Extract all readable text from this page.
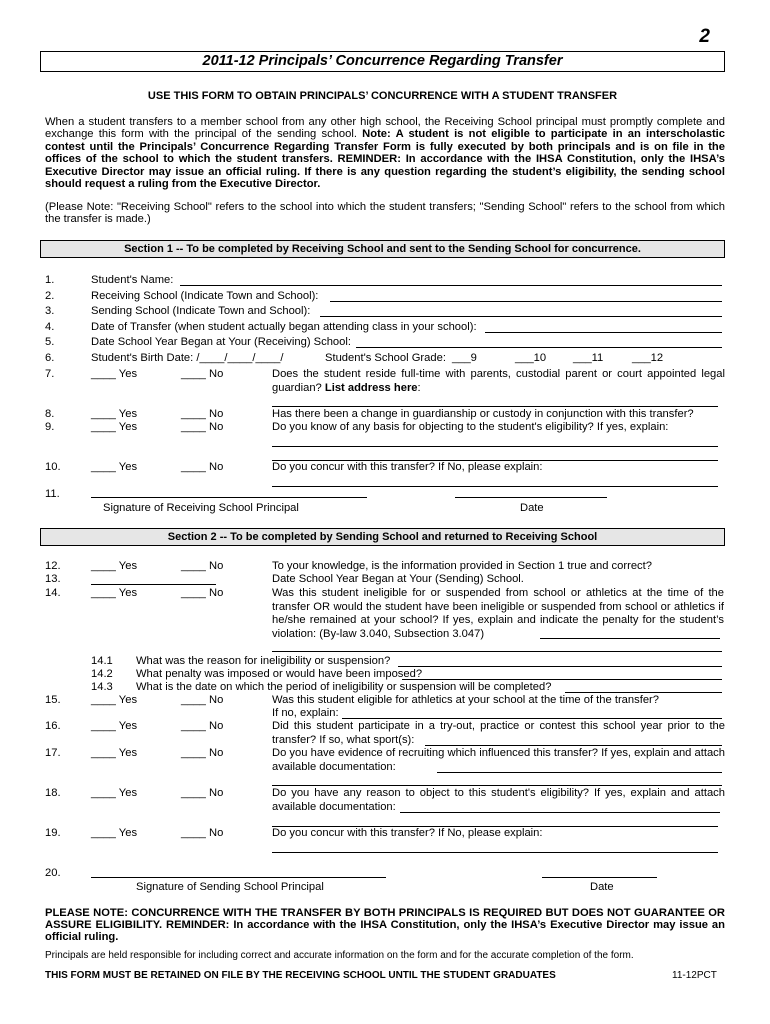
2
2011-12 Principals’ Concurrence Regarding Transfer
USE THIS FORM TO OBTAIN PRINCIPALS’ CONCURRENCE WITH A STUDENT TRANSFER
When a student transfers to a member school from any other high school, the Receiving School principal must promptly complete and exchange this form with the principal of the sending school. Note: A student is not eligible to participate in an interscholastic contest until the Principals’ Concurrence Regarding Transfer Form is fully executed by both principals and is on file in the offices of the school to which the student transfers. REMINDER: In accordance with the IHSA Constitution, only the IHSA’s Executive Director may issue an official ruling. If there is any question regarding the student’s eligibility, the sending school should request a ruling from the Executive Director.
(Please Note: "Receiving School" refers to the school into which the student transfers; "Sending School" refers to the school from which the transfer is made.)
Section 1 -- To be completed by Receiving School and sent to the Sending School for concurrence.
1.	Student's Name:
2.	Receiving School (Indicate Town and School):
3.	Sending School (Indicate Town and School):
4.	Date of Transfer (when student actually began attending class in your school):
5.	Date School Year Began at Your (Receiving) School:
6.	Student's Birth Date: /____/____/____/	Student's School Grade: ___9	___10 ___11	___12
7.	____ Yes	____ No	Does the student reside full-time with parents, custodial parent or court appointed legal guardian? List address here:
8.	____ Yes	____ No	Has there been a change in guardianship or custody in conjunction with this transfer?
9.	____ Yes	____ No	Do you know of any basis for objecting to the student's eligibility? If yes, explain:
10.	____ Yes	____ No	Do you concur with this transfer? If No, please explain:
11.
Signature of Receiving School Principal	Date
Section 2 -- To be completed by Sending School and returned to Receiving School
12.	____ Yes	____ No	To your knowledge, is the information provided in Section 1 true and correct?
13.	Date School Year Began at Your (Sending) School.
14.	____ Yes	____ No	Was this student ineligible for or suspended from school or athletics at the time of the transfer OR would the student have been ineligible or suspended from school or athletics if he/she remained at your school? If yes, explain and indicate the penalty for the student’s violation: (By-law 3.040, Subsection 3.047)
14.1 What was the reason for ineligibility or suspension?
14.2 What penalty was imposed or would have been imposed?
14.3 What is the date on which the period of ineligibility or suspension will be completed?
15.	____ Yes	____ No	Was this student eligible for athletics at your school at the time of the transfer?
If no, explain:
16.	____ Yes	____ No	Did this student participate in a try-out, practice or contest this school year prior to the transfer? If so, what sport(s):
17.	____ Yes	____ No	Do you have evidence of recruiting which influenced this transfer? If yes, explain and attach available documentation:
18.	____ Yes	____ No	Do you have any reason to object to this student's eligibility? If yes, explain and attach available documentation:
19.	____ Yes	____ No	Do you concur with this transfer? If No, please explain:
20.
Signature of Sending School Principal	Date
PLEASE NOTE: CONCURRENCE WITH THE TRANSFER BY BOTH PRINCIPALS IS REQUIRED BUT DOES NOT GUARANTEE OR ASSURE ELIGIBILITY. REMINDER: In accordance with the IHSA Constitution, only the IHSA’s Executive Director may issue an official ruling.
Principals are held responsible for including correct and accurate information on the form and for the accurate completion of the form.
THIS FORM MUST BE RETAINED ON FILE BY THE RECEIVING SCHOOL UNTIL THE STUDENT GRADUATES	11-12PCT
